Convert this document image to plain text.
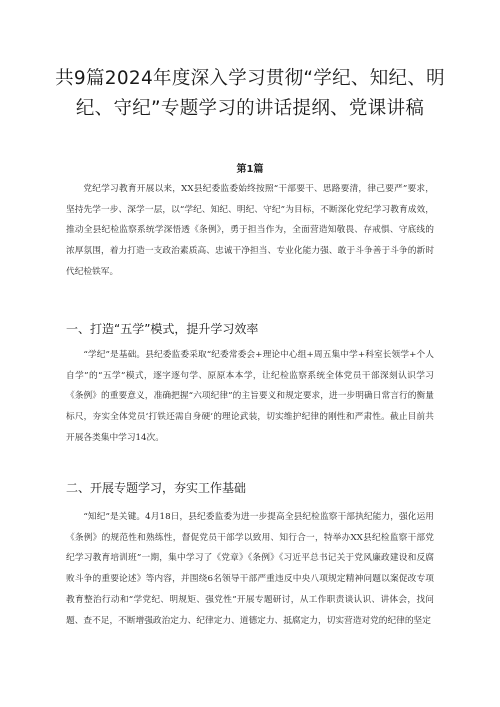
共9篇2024年度深入学习贯彻“学纪、知纪、明纪、守纪”专题学习的讲话提纲、党课讲稿
第1篇

党纪学习教育开展以来，XX县纪委监委始终按照“干部要干、思路要清，律己要严”要求，坚持先学一步、深学一层，以“学纪、知纪、明纪、守纪”为目标，不断深化党纪学习教育成效，推动全县纪检监察系统学深悟透《条例》，勇于担当作为，全面营造知敬畏、存戒惧、守底线的浓厚氛围，着力打造一支政治素质高、忠诚干净担当、专业化能力强、敢于斗争善于斗争的新时代纪检铁军。

一、打造“五学”模式，提升学习效率

“学纪”是基础。县纪委监委采取“纪委常委会+理论中心组+周五集中学+科室长领学+个人自学”的“五学”模式，逐字逐句学、原原本本学，让纪检监察系统全体党员干部深刻认识学习《条例》的重要意义，准确把握“六项纪律”的主旨要义和规定要求，进一步明确日常言行的衡量标尺，夯实全体党员‘打铁还需自身硬’的理论武装，切实维护纪律的刚性和严肃性。截止目前共开展各类集中学习14次。

二、开展专题学习，夯实工作基础

“知纪”是关键。4月18日，县纪委监委为进一步提高全县纪检监察干部执纪能力，强化运用《条例》的规范性和熟练性，督促党员干部学以致用、知行合一，特举办XX县纪检监察干部党纪学习教育培训班”一期，集中学习了《党章》《条例》《习近平总书记关于党风廉政建设和反腐败斗争的重要论述》等内容，并围绕6名领导干部严重违反中央八项规定精神问题以案促改专项教育整治行动和“学党纪、明规矩、强党性”开展专题研讨，从工作职责谈认识、讲体会，找问题、查不足，不断增强政治定力、纪律定力、道德定力、抵腐定力，切实营造对党的纪律的坚定
